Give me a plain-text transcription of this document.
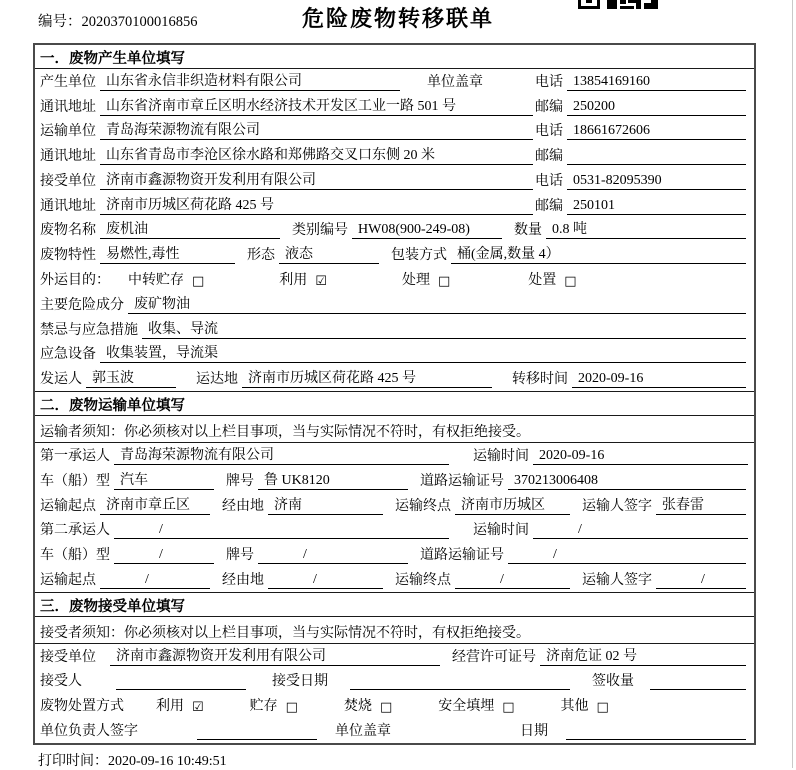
编号：2020370100016856	危险废物转移联单
一．废物产生单位填写
产生单位 山东省永信非织造材料有限公司	单位盖章	电话 13854169160
通讯地址 山东省济南市章丘区明水经济技术开发区工业一路 501 号	邮编 250200
运输单位 青岛海荣源物流有限公司	电话 18661672606
通讯地址 山东省青岛市李沧区徐水路和郑佛路交叉口东侧 20 米	邮编
接受单位 济南市鑫源物资开发利用有限公司	电话 0531-82095390
通讯地址 济南市历城区荷花路 425 号	邮编 250101
废物名称 废机油	类别编号 HW08(900-249-08)	数量 0.8 吨
废物特性 易燃性,毒性	形态 液态	包装方式 桶(金属,数量 4）
外运目的： 中转贮存 □	利用 ☑	处理 □	处置 □
主要危险成分 废矿物油
禁忌与应急措施 收集、导流
应急设备 收集装置，导流渠
发运人 郭玉波	运达地 济南市历城区荷花路 425 号	转移时间 2020-09-16
二．废物运输单位填写
运输者须知：你必须核对以上栏目事项，当与实际情况不符时，有权拒绝接受。
第一承运人 青岛海荣源物流有限公司	运输时间 2020-09-16
车（船）型 汽车	牌号 鲁 UK8120	道路运输证号 370213006408
运输起点 济南市章丘区	经由地 济南	运输终点 济南市历城区	运输人签字 张春雷
第二承运人	/	运输时间	/
车（船）型	/	牌号	/	道路运输证号	/
运输起点	/	经由地	/	运输终点	/	运输人签字	/
三．废物接受单位填写
接受者须知：你必须核对以上栏目事项，当与实际情况不符时，有权拒绝接受。
接受单位	济南市鑫源物资开发利用有限公司	经营许可证号 济南危证 02 号
接受人	接受日期	签收量
废物处置方式 利用 ☑	贮存 □	焚烧 □	安全填埋 □	其他 □
单位负责人签字	单位盖章	日期
打印时间：2020-09-16 10:49:51
